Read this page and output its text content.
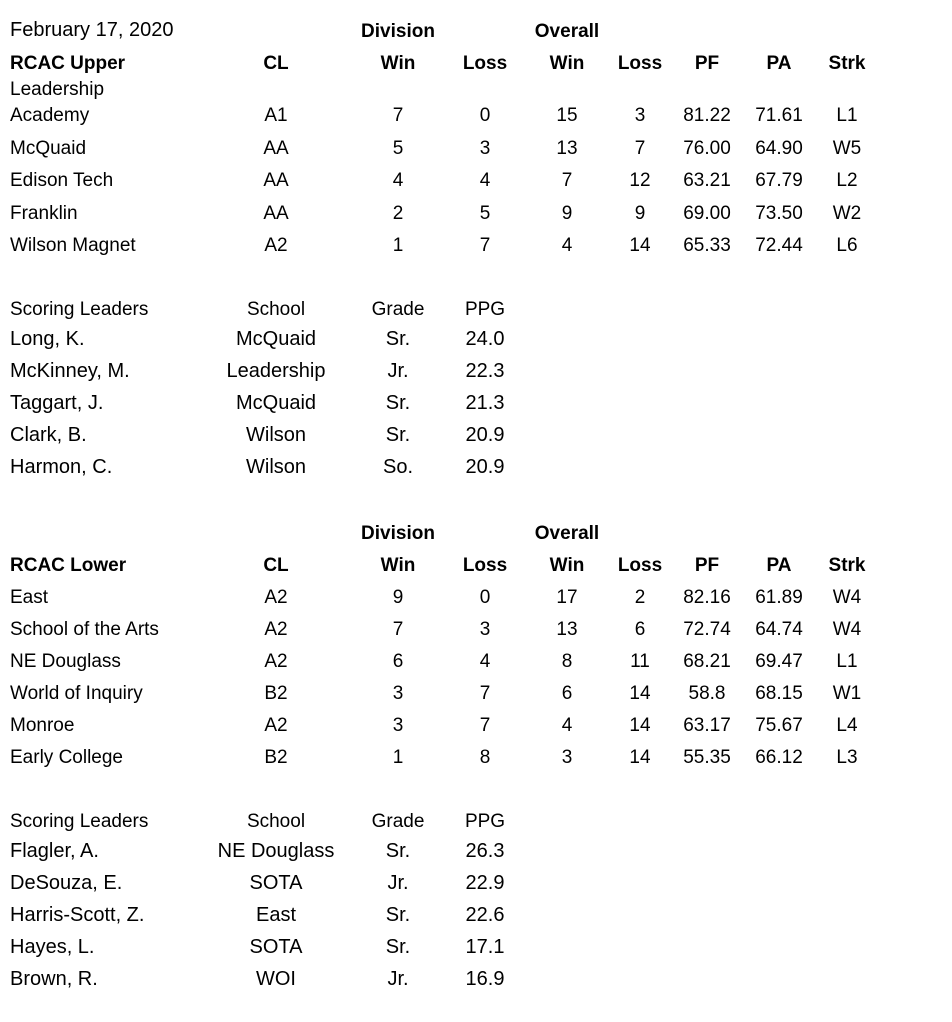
February 17, 2020	Division	Overall
RCAC Upper	CL	Win Loss Win Loss PF PA Strk
Leadership
Academy	A1	7	0	15	3 81.22 71.61 L1
McQuaid	AA	5	3	13	7 76.00 64.90 W5
Edison Tech	AA	4	4	7	12 63.21 67.79 L2
Franklin	AA	2	5	9	9 69.00 73.50 W2
Wilson Magnet	A2	1	7	4	14 65.33 72.44 L6
Scoring Leaders	School	Grade PPG
Long, K.	McQuaid	Sr.	24.0
McKinney, M.	Leadership	Jr.	22.3
Taggart, J.	McQuaid	Sr.	21.3
Clark, B.	Wilson	Sr.	20.9
Harmon, C.	Wilson	So.	20.9
Division	Overall
RCAC Lower	CL	Win Loss Win Loss PF PA Strk
East	A2	9	0	17	2 82.16 61.89 W4
School of the Arts	A2	7	3	13	6 72.74 64.74 W4
NE Douglass	A2	6	4	8	11 68.21 69.47 L1
World of Inquiry	B2	3	7	6	14 58.8 68.15 W1
Monroe	A2	3	7	4	14 63.17 75.67 L4
Early College	B2	1	8	3	14 55.35 66.12 L3
Scoring Leaders	School	Grade PPG
Flagler, A.	NE Douglass	Sr.	26.3
DeSouza, E.	SOTA	Jr.	22.9
Harris-Scott, Z.	East	Sr.	22.6
Hayes, L.	SOTA	Sr.	17.1
Brown, R.	WOI	Jr.	16.9
